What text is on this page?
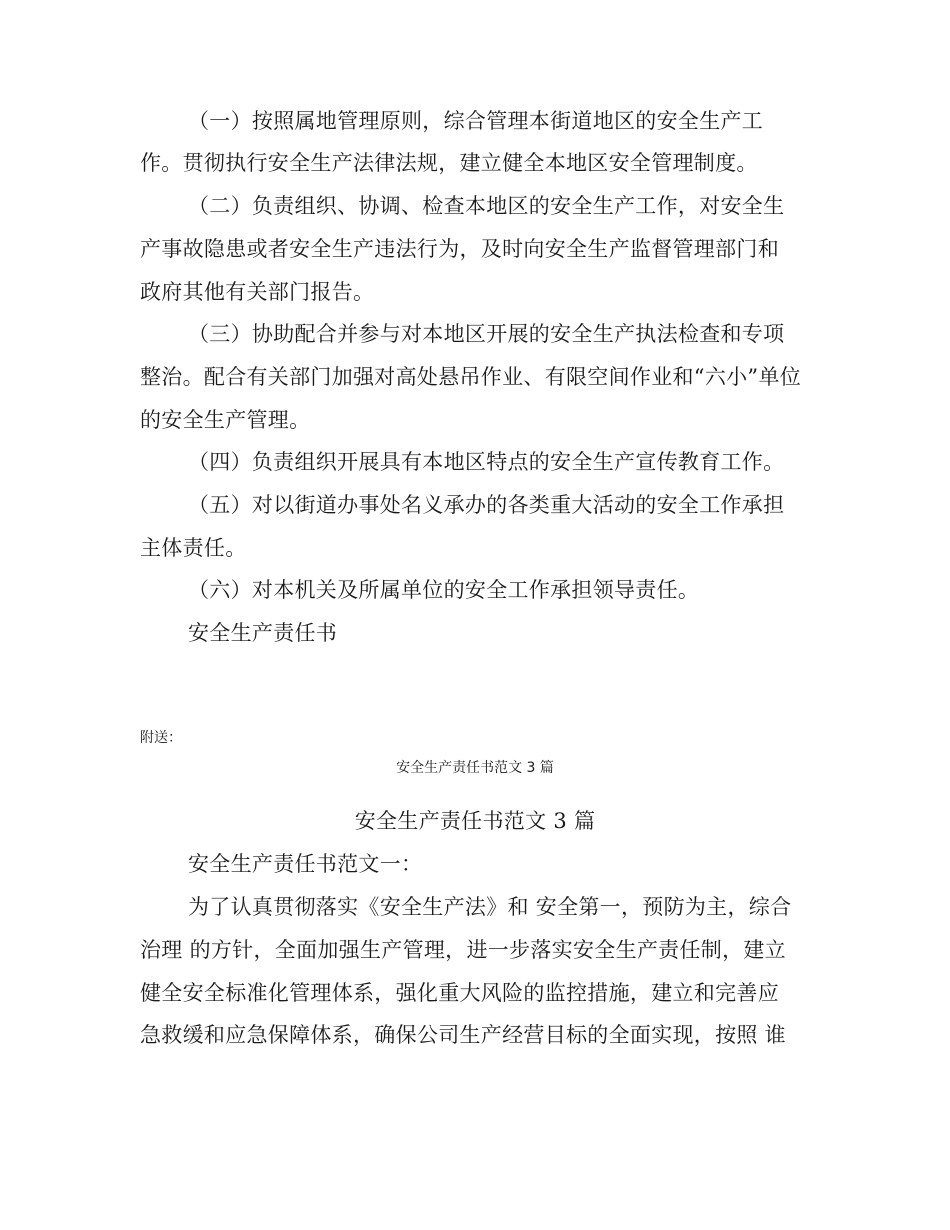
（一）按照属地管理原则，综合管理本街道地区的安全生产工
作。贯彻执行安全生产法律法规，建立健全本地区安全管理制度。
（二）负责组织、协调、检查本地区的安全生产工作，对安全生
产事故隐患或者安全生产违法行为，及时向安全生产监督管理部门和
政府其他有关部门报告。
（三）协助配合并参与对本地区开展的安全生产执法检查和专项
整治。配合有关部门加强对高处悬吊作业、有限空间作业和“六小”单位
的安全生产管理。
（四）负责组织开展具有本地区特点的安全生产宣传教育工作。
（五）对以街道办事处名义承办的各类重大活动的安全工作承担
主体责任。
（六）对本机关及所属单位的安全工作承担领导责任。
安全生产责任书
附送：
安全生产责任书范文 3 篇
安全生产责任书范文 3 篇
安全生产责任书范文一：
为了认真贯彻落实《安全生产法》和 安全第一，预防为主，综合
治理 的方针，全面加强生产管理，进一步落实安全生产责任制，建立
健全安全标准化管理体系，强化重大风险的监控措施，建立和完善应
急救缓和应急保障体系，确保公司生产经营目标的全面实现，按照 谁
